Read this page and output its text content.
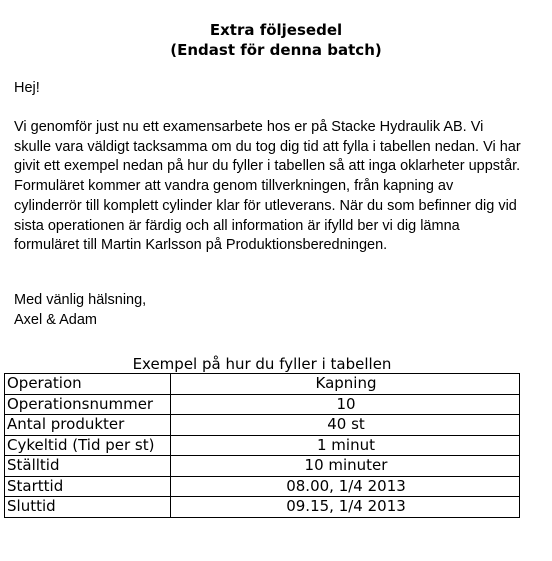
Extra följesedel
(Endast för denna batch)
Hej!
Vi genomför just nu ett examensarbete hos er på Stacke Hydraulik AB. Vi skulle vara väldigt tacksamma om du tog dig tid att fylla i tabellen nedan. Vi har givit ett exempel nedan på hur du fyller i tabellen så att inga oklarheter uppstår. Formuläret kommer att vandra genom tillverkningen, från kapning av cylinderrör till komplett cylinder klar för utleverans. När du som befinner dig vid sista operationen är färdig och all information är ifylld ber vi dig lämna formuläret till Martin Karlsson på Produktionsberedningen.
Med vänlig hälsning,
Axel & Adam
Exempel på hur du fyller i tabellen
Operation	Kapning
Operationsnummer	10
Antal produkter	40 st
Cykeltid (Tid per st)	1 minut
Ställtid	10 minuter
Starttid	08.00, 1/4 2013
Sluttid	09.15, 1/4 2013
